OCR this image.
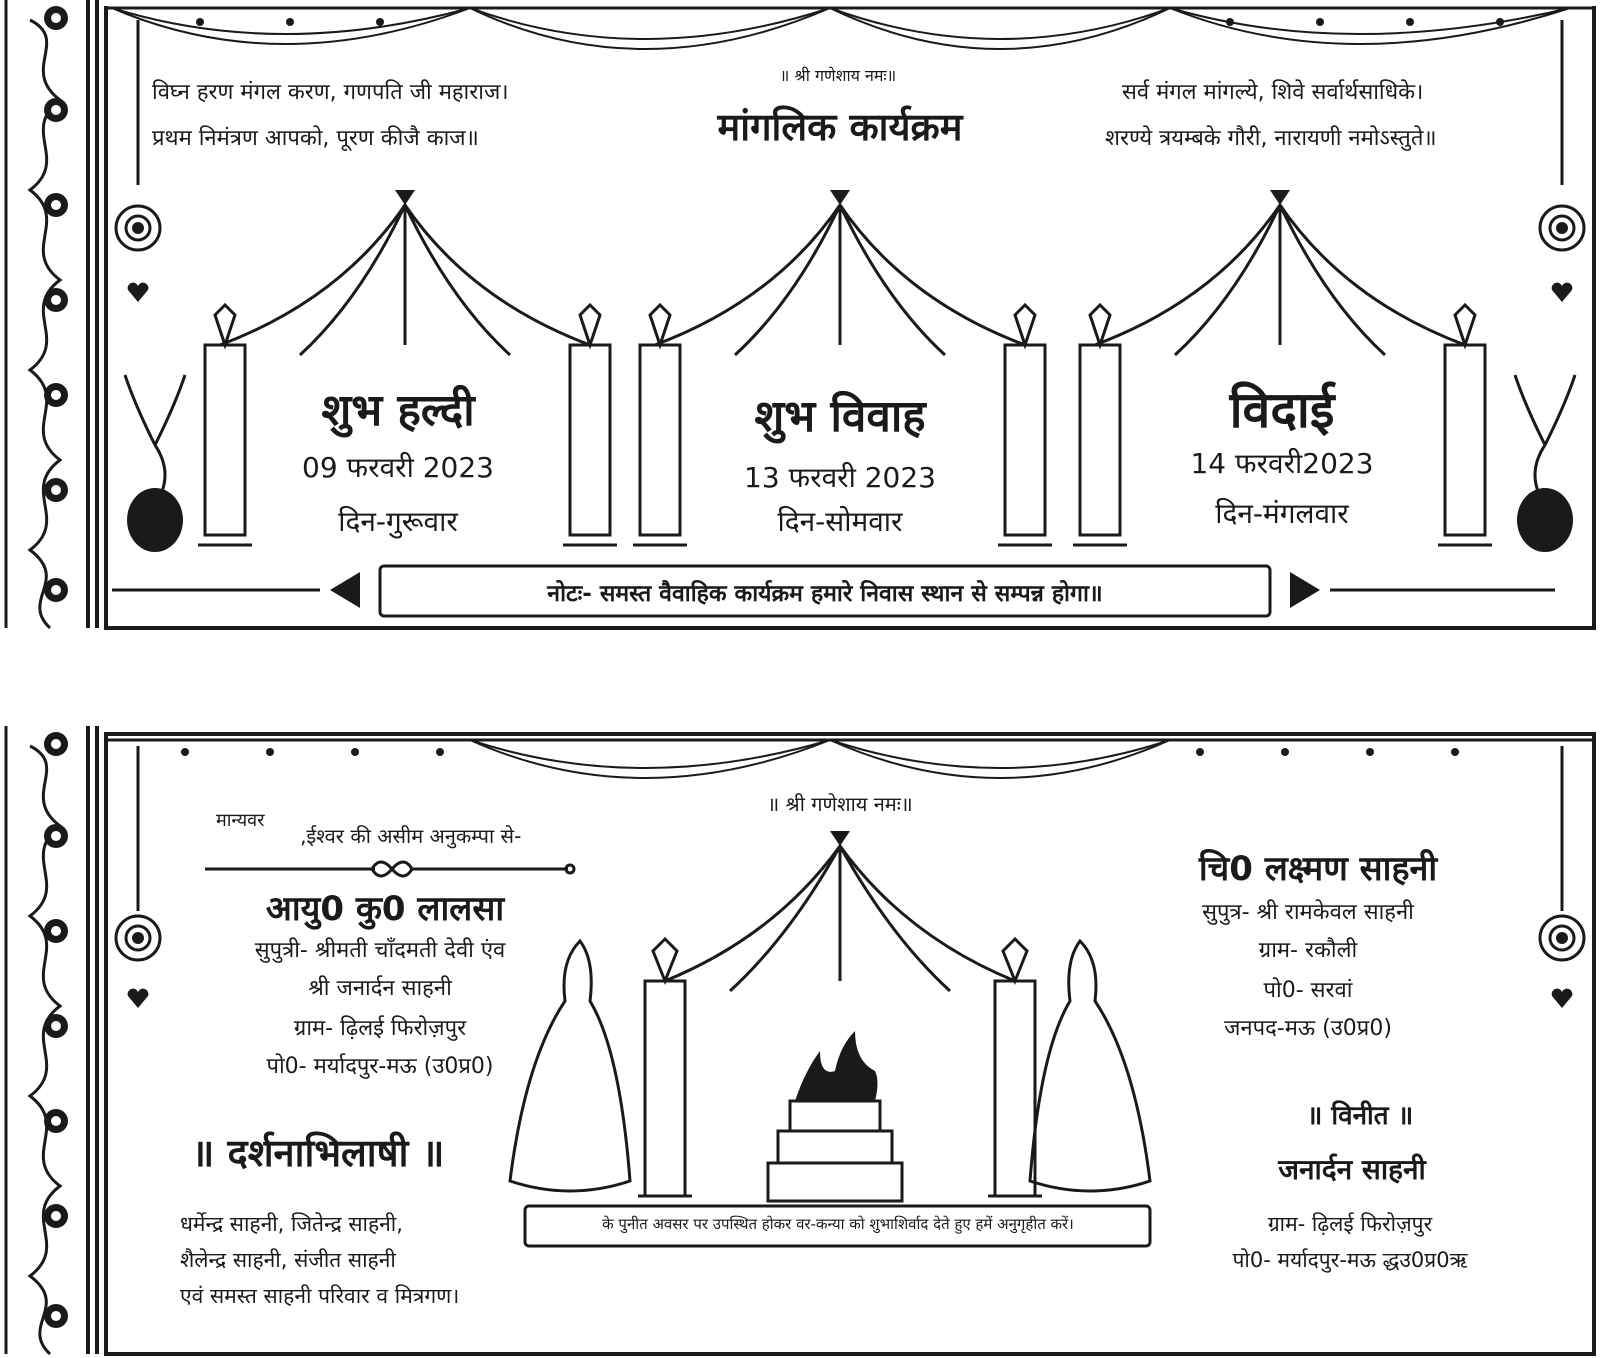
॥ श्री गणेशाय नमः॥
मांगलिक कार्यक्रम
विघ्न हरण मंगल करण, गणपति जी महाराज।
प्रथम निमंत्रण आपको, पूरण कीजै काज॥
सर्व मंगल मांगल्ये, शिवे सर्वार्थसाधिके।
शरण्ये त्रयम्बके गौरी, नारायणी नमोऽस्तुते॥
शुभ हल्दी
09 फरवरी 2023
दिन-गुरूवार
शुभ विवाह
13 फरवरी 2023
दिन-सोमवार
विदाई
14 फरवरी2023
दिन-मंगलवार
नोटः- समस्त वैवाहिक कार्यक्रम हमारे निवास स्थान से सम्पन्न होगा॥
॥ श्री गणेशाय नमः॥
मान्यवर
‚ईश्वर की असीम अनुकम्पा से-
आयु0 कु0 लालसा
सुपुत्री- श्रीमती चाँदमती देवी एंव
श्री जनार्दन साहनी
ग्राम- ढ़िलई फिरोज़पुर
पो0- मर्यादपुर-मऊ (उ0प्र0)
चि0 लक्ष्मण साहनी
सुपुत्र- श्री रामकेवल साहनी
ग्राम- रकौली
पो0- सरवां
जनपद-मऊ (उ0प्र0)
के पुनीत अवसर पर उपस्थित होकर वर-कन्या को शुभाशिर्वाद देते हुए हमें अनुगृहीत करें।
॥ दर्शनाभिलाषी ॥
धर्मेन्द्र साहनी, जितेन्द्र साहनी,
शैलेन्द्र साहनी, संजीत साहनी
एवं समस्त साहनी परिवार व मित्रगण।
॥ विनीत ॥
जनार्दन साहनी
ग्राम- ढ़िलई फिरोज़पुर
पो0- मर्यादपुर-मऊ द्धउ0प्र0ऋ
